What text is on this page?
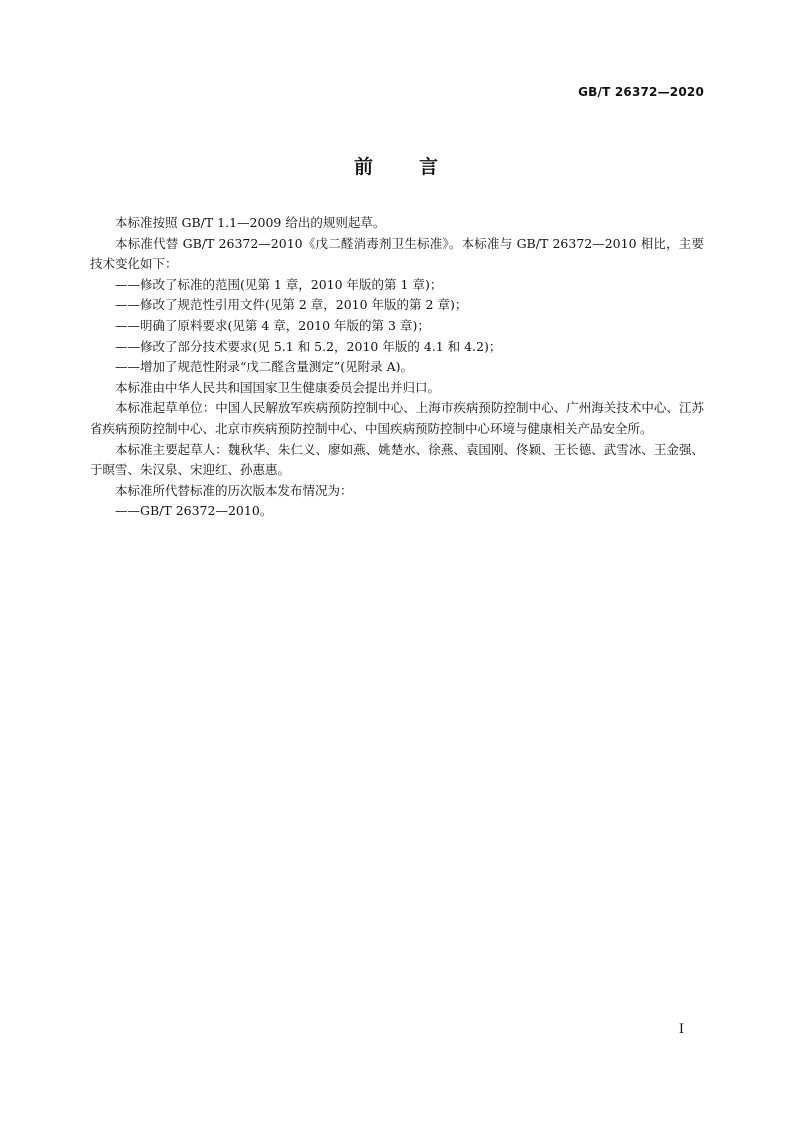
GB/T 26372—2020
前 言

本标准按照 GB/T 1.1—2009 给出的规则起草。

本标准代替 GB/T 26372—2010《戊二醛消毒剂卫生标准》。本标准与 GB/T 26372—2010 相比，主要技术变化如下：

——修改了标准的范围(见第 1 章，2010 年版的第 1 章)；

——修改了规范性引用文件(见第 2 章，2010 年版的第 2 章)；

——明确了原料要求(见第 4 章，2010 年版的第 3 章)；

——修改了部分技术要求(见 5.1 和 5.2，2010 年版的 4.1 和 4.2)；

——增加了规范性附录“戊二醛含量测定”(见附录 A)。

本标准由中华人民共和国国家卫生健康委员会提出并归口。

本标准起草单位：中国人民解放军疾病预防控制中心、上海市疾病预防控制中心、广州海关技术中心、江苏省疾病预防控制中心、北京市疾病预防控制中心、中国疾病预防控制中心环境与健康相关产品安全所。

本标准主要起草人：魏秋华、朱仁义、廖如燕、姚楚水、徐燕、袁国刚、佟颖、王长德、武雪冰、王金强、于暝雪、朱汉泉、宋迎红、孙惠惠。

本标准所代替标准的历次版本发布情况为：

——GB/T 26372—2010。

I
